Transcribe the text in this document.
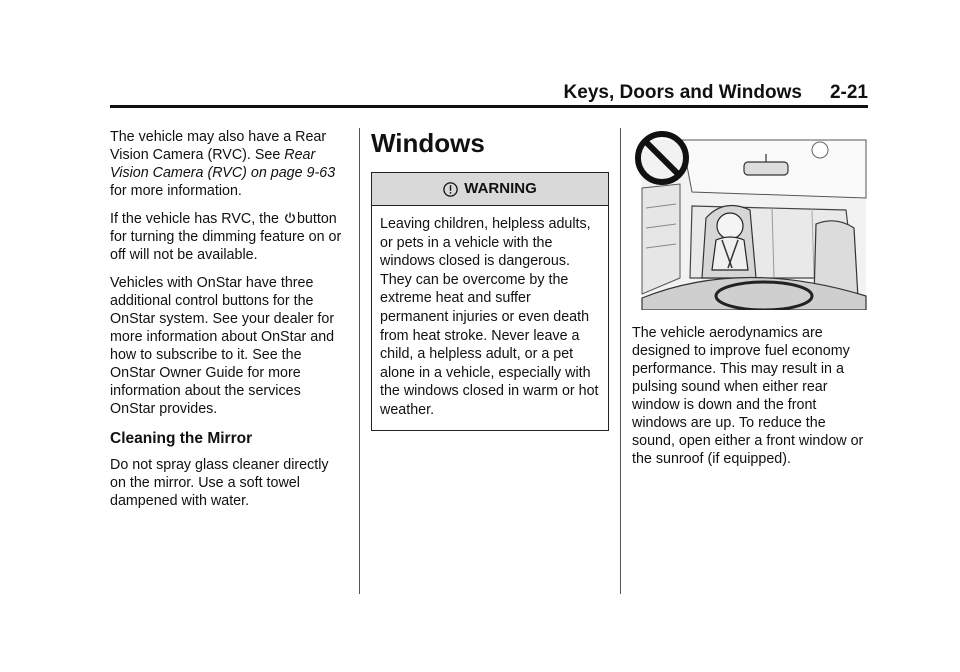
Keys, Doors and Windows 2-21

The vehicle may also have a Rear Vision Camera (RVC). See Rear Vision Camera (RVC) on page 9-63 for more information.

If the vehicle has RVC, the button for turning the dimming feature on or off will not be available.

Vehicles with OnStar have three additional control buttons for the OnStar system. See your dealer for more information about OnStar and how to subscribe to it. See the OnStar Owner Guide for more information about the services OnStar provides.

Cleaning the Mirror

Do not spray glass cleaner directly on the mirror. Use a soft towel dampened with water.

Windows
WARNING
Leaving children, helpless adults, or pets in a vehicle with the windows closed is dangerous. They can be overcome by the extreme heat and suffer permanent injuries or even death from heat stroke. Never leave a child, a helpless adult, or a pet alone in a vehicle, especially with the windows closed in warm or hot weather.

The vehicle aerodynamics are designed to improve fuel economy performance. This may result in a pulsing sound when either rear window is down and the front windows are up. To reduce the sound, open either a front window or the sunroof (if equipped).
